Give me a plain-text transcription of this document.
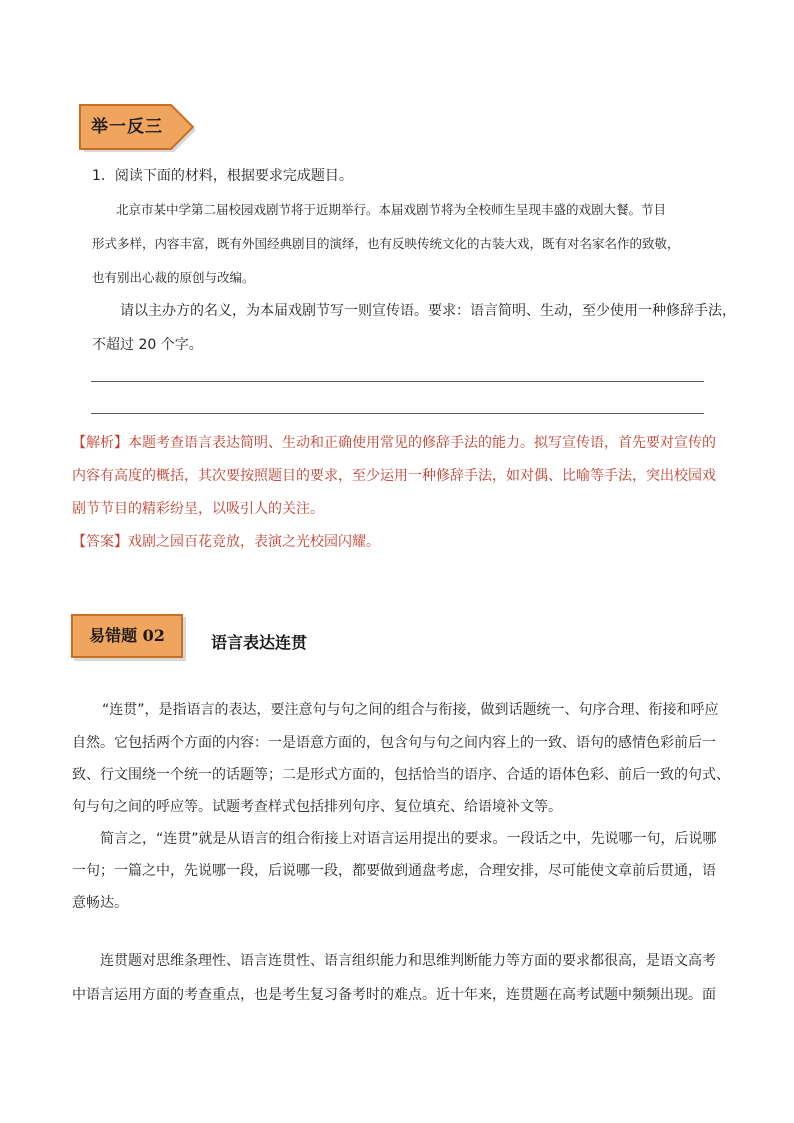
举一反三
1．阅读下面的材料，根据要求完成题目。
北京市某中学第二届校园戏剧节将于近期举行。本届戏剧节将为全校师生呈现丰盛的戏剧大餐。节目
形式多样，内容丰富，既有外国经典剧目的演绎，也有反映传统文化的古装大戏，既有对名家名作的致敬，
也有别出心裁的原创与改编。
请以主办方的名义，为本届戏剧节写一则宣传语。要求：语言简明、生动，至少使用一种修辞手法，
不超过 20 个字。
【解析】本题考查语言表达简明、生动和正确使用常见的修辞手法的能力。拟写宣传语，首先要对宣传的
内容有高度的概括，其次要按照题目的要求，至少运用一种修辞手法，如对偶、比喻等手法，突出校园戏
剧节节目的精彩纷呈，以吸引人的关注。
【答案】戏剧之园百花竞放，表演之光校园闪耀。
易错题 02	语言表达连贯
“连贯”，是指语言的表达，要注意句与句之间的组合与衔接，做到话题统一、句序合理、衔接和呼应
自然。它包括两个方面的内容：一是语意方面的，包含句与句之间内容上的一致、语句的感情色彩前后一
致、行文围绕一个统一的话题等；二是形式方面的，包括恰当的语序、合适的语体色彩、前后一致的句式、
句与句之间的呼应等。试题考查样式包括排列句序、复位填充、给语境补文等。
简言之，“连贯”就是从语言的组合衔接上对语言运用提出的要求。一段话之中，先说哪一句，后说哪
一句；一篇之中，先说哪一段，后说哪一段，都要做到通盘考虑，合理安排，尽可能使文章前后贯通，语
意畅达。
连贯题对思维条理性、语言连贯性、语言组织能力和思维判断能力等方面的要求都很高，是语文高考
中语言运用方面的考查重点，也是考生复习备考时的难点。近十年来，连贯题在高考试题中频频出现。面
